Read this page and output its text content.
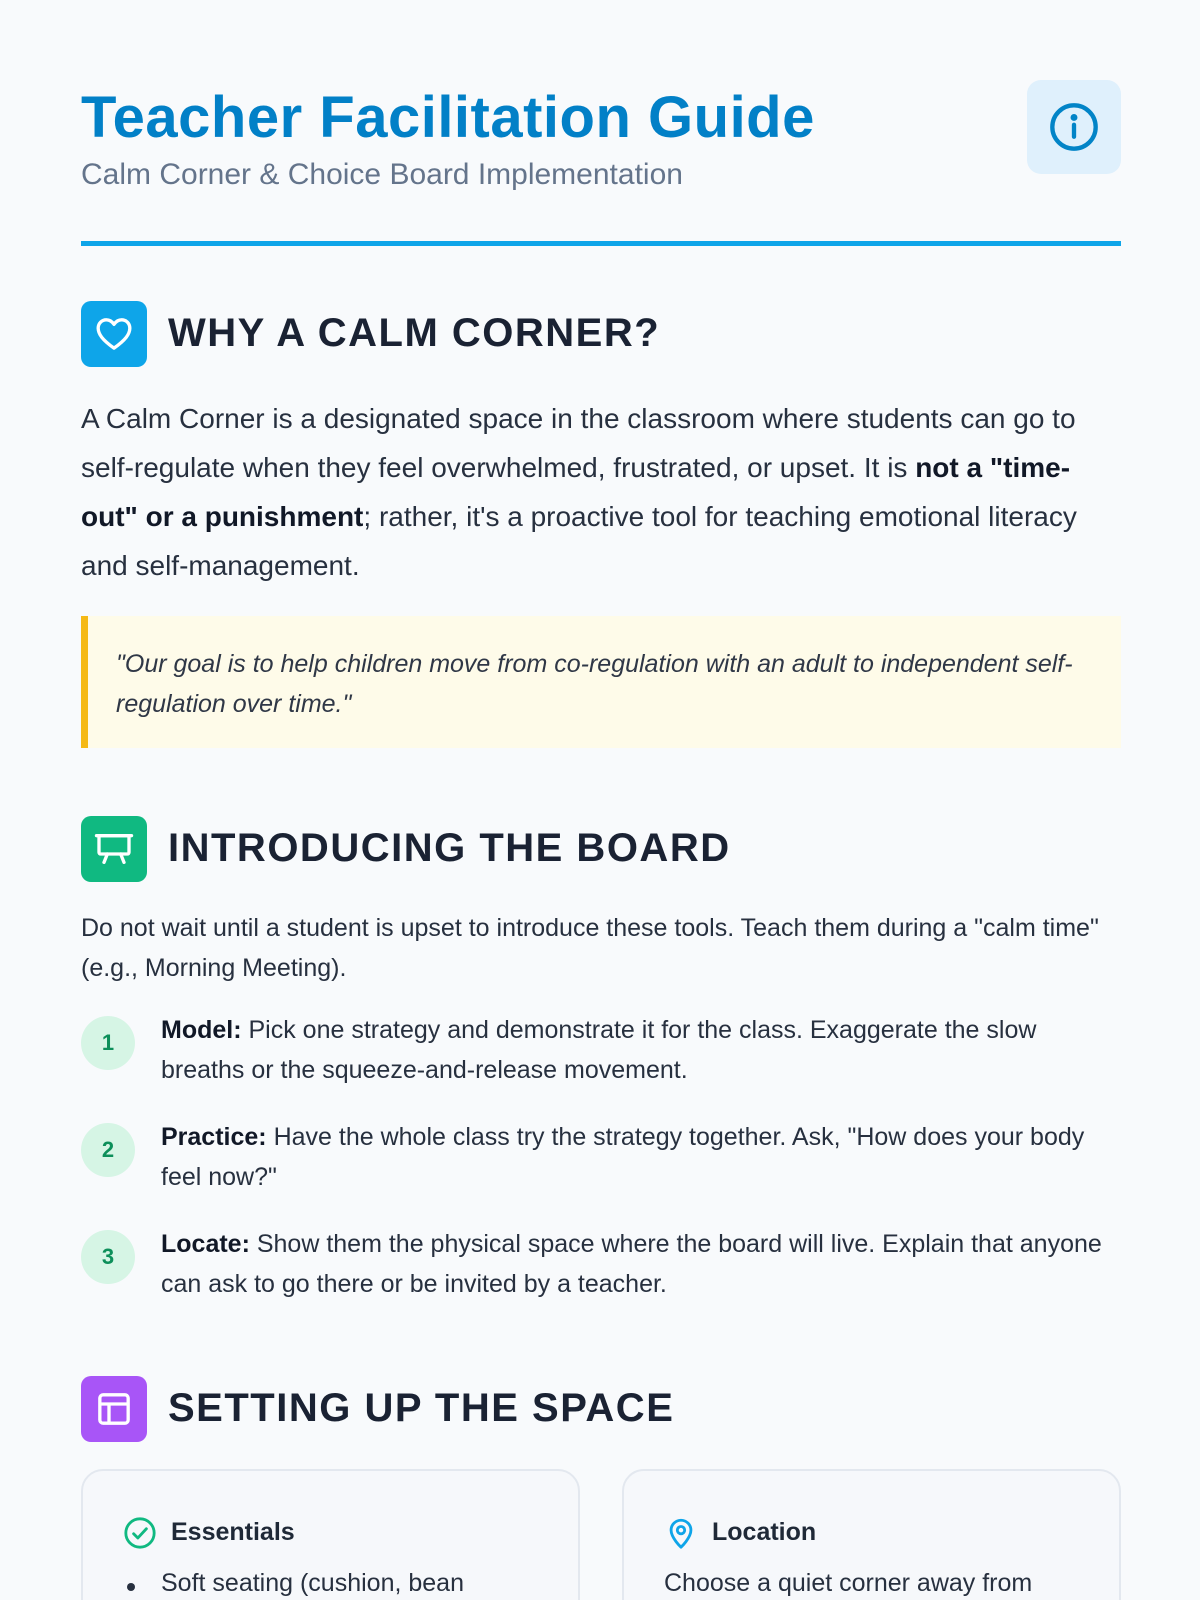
Teacher Facilitation Guide
Calm Corner & Choice Board Implementation
WHY A CALM CORNER?

A Calm Corner is a designated space in the classroom where students can go to self-regulate when they feel overwhelmed, frustrated, or upset. It is not a "time-out" or a punishment; rather, it's a proactive tool for teaching emotional literacy and self-management.

"Our goal is to help children move from co-regulation with an adult to independent self-regulation over time."

INTRODUCING THE BOARD

Do not wait until a student is upset to introduce these tools. Teach them during a "calm time" (e.g., Morning Meeting).

1	Model: Pick one strategy and demonstrate it for the class. Exaggerate the slow breaths or the squeeze-and-release movement.
2	Practice: Have the whole class try the strategy together. Ask, "How does your body feel now?"
3	Locate: Show them the physical space where the board will live. Explain that anyone can ask to go there or be invited by a teacher.
SETTING UP THE SPACE
Essentials
Soft seating (cushion, bean
Location
Choose a quiet corner away from
